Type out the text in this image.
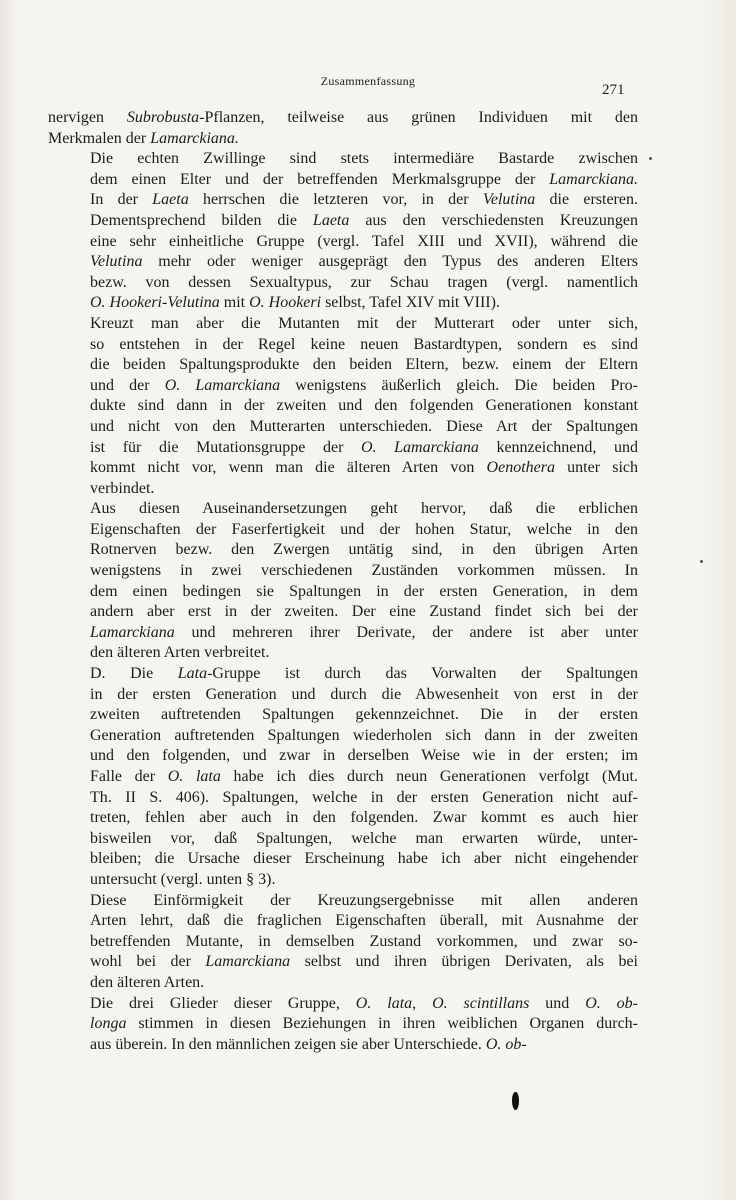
Zusammenfassung
271

nervigen Subrobusta-Pflanzen, teilweise aus grünen Individuen mit den
Merkmalen der Lamarckiana.

Die echten Zwillinge sind stets intermediäre Bastarde zwischen
dem einen Elter und der betreffenden Merkmalsgruppe der Lamarckiana.
In der Laeta herrschen die letzteren vor, in der Velutina die ersteren.
Dementsprechend bilden die Laeta aus den verschiedensten Kreuzungen
eine sehr einheitliche Gruppe (vergl. Tafel XIII und XVII), während die
Velutina mehr oder weniger ausgeprägt den Typus des anderen Elters
bezw. von dessen Sexualtypus, zur Schau tragen (vergl. namentlich
O. Hookeri-Velutina mit O. Hookeri selbst, Tafel XIV mit VIII).

Kreuzt man aber die Mutanten mit der Mutterart oder unter sich,
so entstehen in der Regel keine neuen Bastardtypen, sondern es sind
die beiden Spaltungsprodukte den beiden Eltern, bezw. einem der Eltern
und der O. Lamarckiana wenigstens äußerlich gleich. Die beiden Pro-
dukte sind dann in der zweiten und den folgenden Generationen konstant
und nicht von den Mutterarten unterschieden. Diese Art der Spaltungen
ist für die Mutationsgruppe der O. Lamarckiana kennzeichnend, und
kommt nicht vor, wenn man die älteren Arten von Oenothera unter sich
verbindet.

Aus diesen Auseinandersetzungen geht hervor, daß die erblichen
Eigenschaften der Faserfertigkeit und der hohen Statur, welche in den
Rotnerven bezw. den Zwergen untätig sind, in den übrigen Arten
wenigstens in zwei verschiedenen Zuständen vorkommen müssen. In
dem einen bedingen sie Spaltungen in der ersten Generation, in dem
andern aber erst in der zweiten. Der eine Zustand findet sich bei der
Lamarckiana und mehreren ihrer Derivate, der andere ist aber unter
den älteren Arten verbreitet.

D. Die Lata-Gruppe ist durch das Vorwalten der Spaltungen
in der ersten Generation und durch die Abwesenheit von erst in der
zweiten auftretenden Spaltungen gekennzeichnet. Die in der ersten
Generation auftretenden Spaltungen wiederholen sich dann in der zweiten
und den folgenden, und zwar in derselben Weise wie in der ersten; im
Falle der O. lata habe ich dies durch neun Generationen verfolgt (Mut.
Th. II S. 406). Spaltungen, welche in der ersten Generation nicht auf-
treten, fehlen aber auch in den folgenden. Zwar kommt es auch hier
bisweilen vor, daß Spaltungen, welche man erwarten würde, unter-
bleiben; die Ursache dieser Erscheinung habe ich aber nicht eingehender
untersucht (vergl. unten § 3).

Diese Einförmigkeit der Kreuzungsergebnisse mit allen anderen
Arten lehrt, daß die fraglichen Eigenschaften überall, mit Ausnahme der
betreffenden Mutante, in demselben Zustand vorkommen, und zwar so-
wohl bei der Lamarckiana selbst und ihren übrigen Derivaten, als bei
den älteren Arten.

Die drei Glieder dieser Gruppe, O. lata, O. scintillans und O. ob-
longa stimmen in diesen Beziehungen in ihren weiblichen Organen durch-
aus überein. In den männlichen zeigen sie aber Unterschiede. O. ob-
